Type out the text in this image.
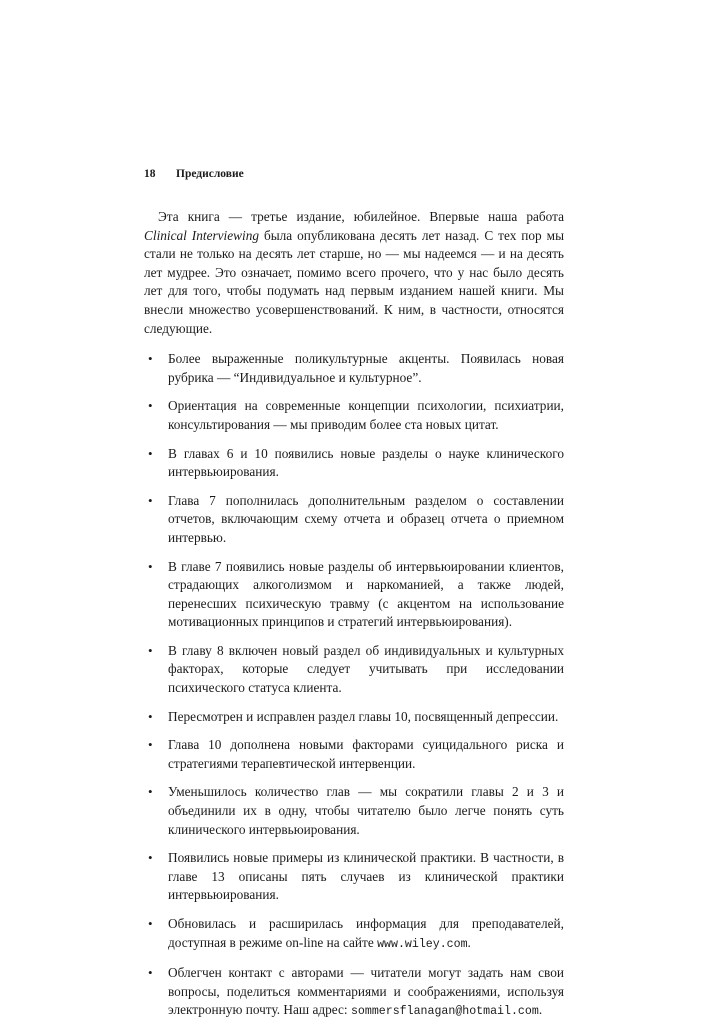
18 Предисловие

Эта книга — третье издание, юбилейное. Впервые наша работа Clinical Interviewing была опубликована десять лет назад. С тех пор мы стали не только на десять лет старше, но — мы надеемся — и на десять лет мудрее. Это означает, помимо всего прочего, что у нас было десять лет для того, чтобы подумать над первым изданием нашей книги. Мы внесли множество усовершенствований. К ним, в частности, относятся следующие.

• Более выраженные поликультурные акценты. Появилась новая рубрика — “Индивидуальное и культурное”.
• Ориентация на современные концепции психологии, психиатрии, консультирования — мы приводим более ста новых цитат.
• В главах 6 и 10 появились новые разделы о науке клинического интервьюирования.
• Глава 7 пополнилась дополнительным разделом о составлении отчетов, включающим схему отчета и образец отчета о приемном интервью.
• В главе 7 появились новые разделы об интервьюировании клиентов, страдающих алкоголизмом и наркоманией, а также людей, перенесших психическую травму (с акцентом на использование мотивационных принципов и стратегий интервьюирования).
• В главу 8 включен новый раздел об индивидуальных и культурных факторах, которые следует учитывать при исследовании психического статуса клиента.
• Пересмотрен и исправлен раздел главы 10, посвященный депрессии.
• Глава 10 дополнена новыми факторами суицидального риска и стратегиями терапевтической интервенции.
• Уменьшилось количество глав — мы сократили главы 2 и 3 и объединили их в одну, чтобы читателю было легче понять суть клинического интервьюирования.
• Появились новые примеры из клинической практики. В частности, в главе 13 описаны пять случаев из клинической практики интервьюирования.
• Обновилась и расширилась информация для преподавателей, доступная в режиме on-line на сайте www.wiley.com.
• Облегчен контакт с авторами — читатели могут задать нам свои вопросы, поделиться комментариями и соображениями, используя электронную почту. Наш адрес: sommersflanagan@hotmail.com.
